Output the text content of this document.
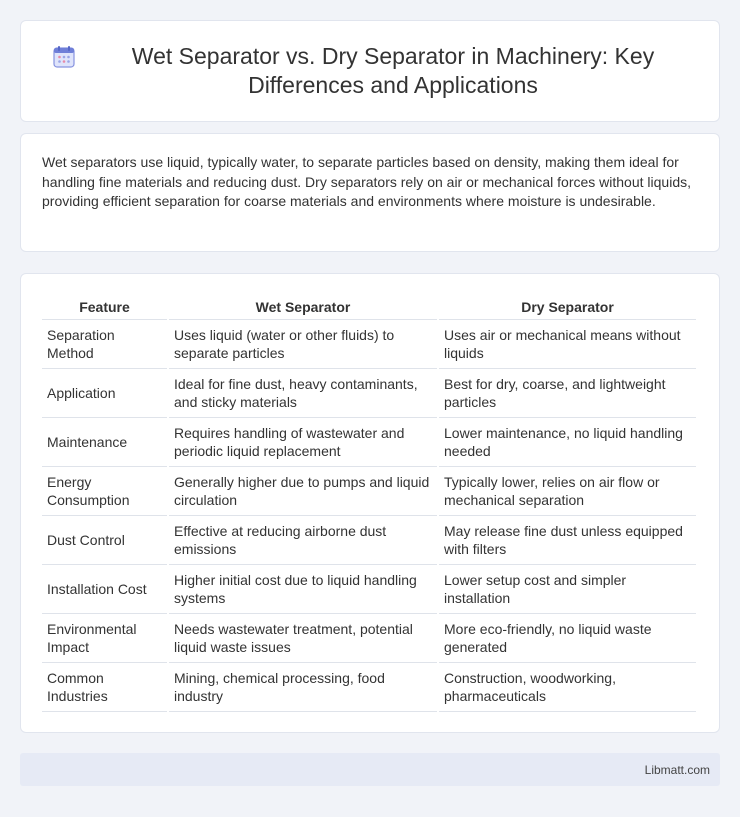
Wet Separator vs. Dry Separator in Machinery: Key Differences and Applications

Wet separators use liquid, typically water, to separate particles based on density, making them ideal for handling fine materials and reducing dust. Dry separators rely on air or mechanical forces without liquids, providing efficient separation for coarse materials and environments where moisture is undesirable.

Feature	Wet Separator	Dry Separator
Separation Method	Uses liquid (water or other fluids) to separate particles	Uses air or mechanical means without liquids
Application	Ideal for fine dust, heavy contaminants, and sticky materials	Best for dry, coarse, and lightweight particles
Maintenance	Requires handling of wastewater and periodic liquid replacement	Lower maintenance, no liquid handling needed
Energy Consumption	Generally higher due to pumps and liquid circulation	Typically lower, relies on air flow or mechanical separation
Dust Control	Effective at reducing airborne dust emissions	May release fine dust unless equipped with filters
Installation Cost	Higher initial cost due to liquid handling systems	Lower setup cost and simpler installation
Environmental Impact	Needs wastewater treatment, potential liquid waste issues	More eco-friendly, no liquid waste generated
Common Industries	Mining, chemical processing, food industry	Construction, woodworking, pharmaceuticals
Libmatt.com
